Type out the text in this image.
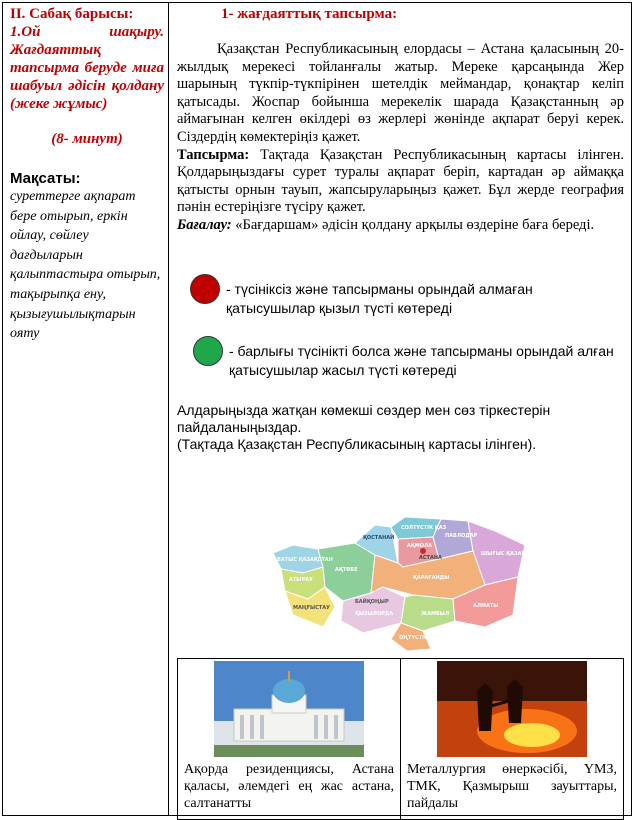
II. Сабақ барысы:
1.Ой шақыру. Жағдаяттық тапсырма беруде миға шабуыл әдісін қолдану (жеке жұмыс)
(8- минут)
Мақсаты:
суреттерге ақпарат бере отырып, еркін ойлау, сөйлеу дағдыларын қалыптастыра отырып, тақырыпқа ену, қызығушылықтарын ояту
1- жағдаяттық тапсырма:

Қазақстан Республикасының елордасы – Астана қаласының 20-жылдық мерекесі тойланғалы жатыр. Мереке қарсаңында Жер шарының түкпір-түкпірінен шетелдік меймандар, қонақтар келіп қатысады. Жоспар бойынша мерекелік шарада Қазақстанның әр аймағынан келген өкілдері өз жерлері жөнінде ақпарат беруі керек. Сіздердің көмектеріңіз қажет.

Тапсырма: Тақтада Қазақстан Республикасының картасы ілінген. Қолдарыңыздағы сурет туралы ақпарат беріп, картадан әр аймаққа қатысты орнын тауып, жапсыруларыңыз қажет. Бұл жерде география пәнін естеріңізге түсіру қажет.

Бағалау: «Бағдаршам» әдісін қолдану арқылы өздеріне баға береді.

- түсініксіз және тапсырманы орындай алмаған қатысушылар қызыл түсті көтереді

- барлығы түсінікті болса және тапсырманы орындай алған қатысушылар жасыл түсті көтереді

Алдарыңызда жатқан көмекші сөздер мен сөз тіркестерін пайдаланыңыздар.

(Тақтада Қазақстан Республикасының картасы ілінген).

СОЛТҮСТІК ҚАЗ
ҚОСТАНАЙ
АҚМОЛА
АСТАНА
ПАВЛОДАР
БАТЫС ҚАЗАҚСТАН
АҚТӨБЕ
ШЫҒЫС ҚАЗАҚСТАН
АТЫРАУ	ҚАРАҒАНДЫ
МАҢҒЫСТАУ
БАЙҚОҢЫР
ҚЫЗЫЛОРДА
АЛМАТЫ
ЖАМБЫЛ
ОҢТҮСТІК ҚАЗ
Ақорда резиденциясы, Астана қаласы, әлемдегі ең жас астана, салтанатты
Металлургия өнеркәсібі, ҮМЗ, ТМК, Қазмырыш зауыттары, пайдалы
